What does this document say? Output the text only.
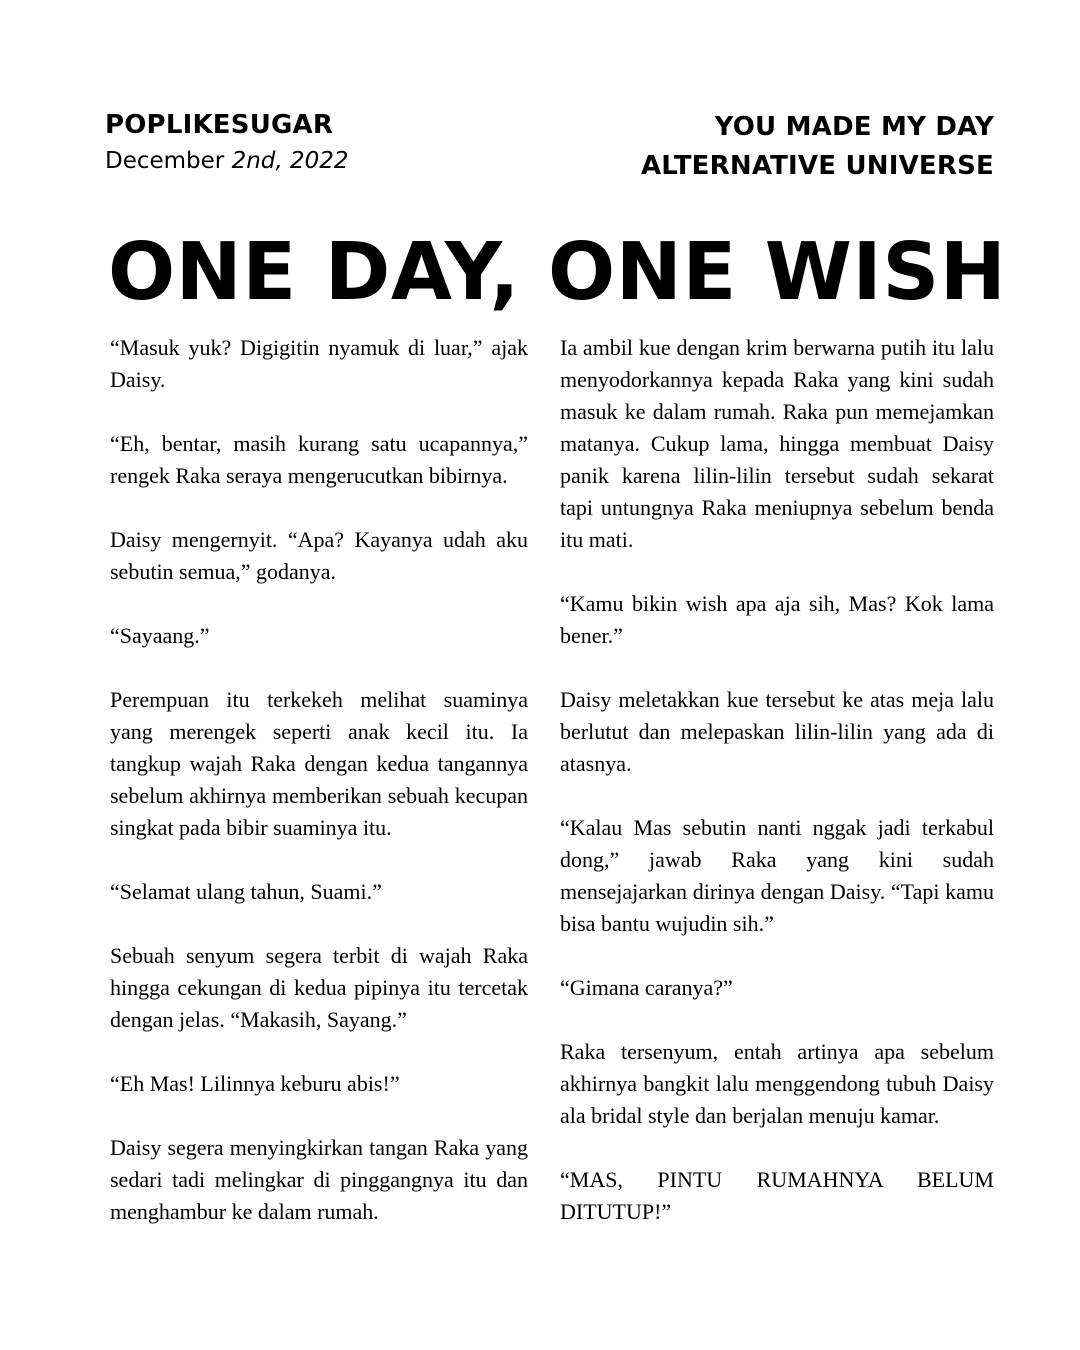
POPLIKESUGAR
December 2nd, 2022
YOU MADE MY DAY
ALTERNATIVE UNIVERSE
ONE DAY, ONE WISH

“Masuk yuk? Digigitin nyamuk di luar,” ajak Daisy.

“Eh, bentar, masih kurang satu ucapannya,” rengek Raka seraya mengerucutkan bibirnya.

Daisy mengernyit. “Apa? Kayanya udah aku sebutin semua,” godanya.

“Sayaang.”

Perempuan itu terkekeh melihat suaminya yang merengek seperti anak kecil itu. Ia tangkup wajah Raka dengan kedua tangannya sebelum akhirnya memberikan sebuah kecupan singkat pada bibir suaminya itu.

“Selamat ulang tahun, Suami.”

Sebuah senyum segera terbit di wajah Raka hingga cekungan di kedua pipinya itu tercetak dengan jelas. “Makasih, Sayang.”

“Eh Mas! Lilinnya keburu abis!”

Daisy segera menyingkirkan tangan Raka yang sedari tadi melingkar di pinggangnya itu dan menghambur ke dalam rumah.

Ia ambil kue dengan krim berwarna putih itu lalu menyodorkannya kepada Raka yang kini sudah masuk ke dalam rumah. Raka pun memejamkan matanya. Cukup lama, hingga membuat Daisy panik karena lilin-lilin tersebut sudah sekarat tapi untungnya Raka meniupnya sebelum benda itu mati.

“Kamu bikin wish apa aja sih, Mas? Kok lama bener.”

Daisy meletakkan kue tersebut ke atas meja lalu berlutut dan melepaskan lilin-lilin yang ada di atasnya.

“Kalau Mas sebutin nanti nggak jadi terkabul dong,” jawab Raka yang kini sudah mensejajarkan dirinya dengan Daisy. “Tapi kamu bisa bantu wujudin sih.”

“Gimana caranya?”

Raka tersenyum, entah artinya apa sebelum akhirnya bangkit lalu menggendong tubuh Daisy ala bridal style dan berjalan menuju kamar.

“MAS, PINTU RUMAHNYA BELUM DITUTUP!”
